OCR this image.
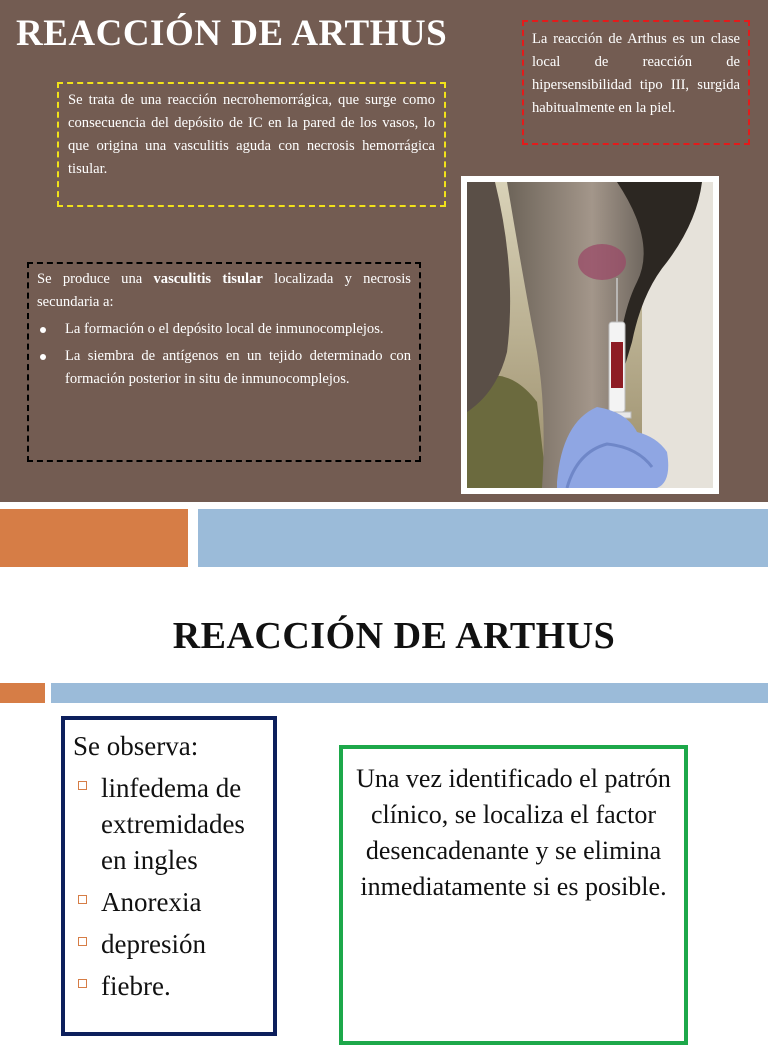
REACCIÓN DE ARTHUS	La reacción de Arthus es un clase local de reacción de hipersensibilidad tipo III, surgida habitualmente en la piel.
Se trata de una reacción necrohemorrágica, que surge como consecuencia del depósito de IC en la pared de los vasos, lo que origina una vasculitis aguda con necrosis hemorrágica tisular.
Se produce una vasculitis tisular localizada y necrosis secundaria a:
La formación o el depósito local de inmunocomplejos.
La siembra de antígenos en un tejido determinado con formación posterior in situ de inmunocomplejos.
REACCIÓN DE ARTHUS
Se observa:
linfedema de extremidades en ingles
Anorexia
depresión
fiebre.
Una vez identificado el patrón clínico, se localiza el factor desencadenante y se elimina inmediatamente si es posible.
